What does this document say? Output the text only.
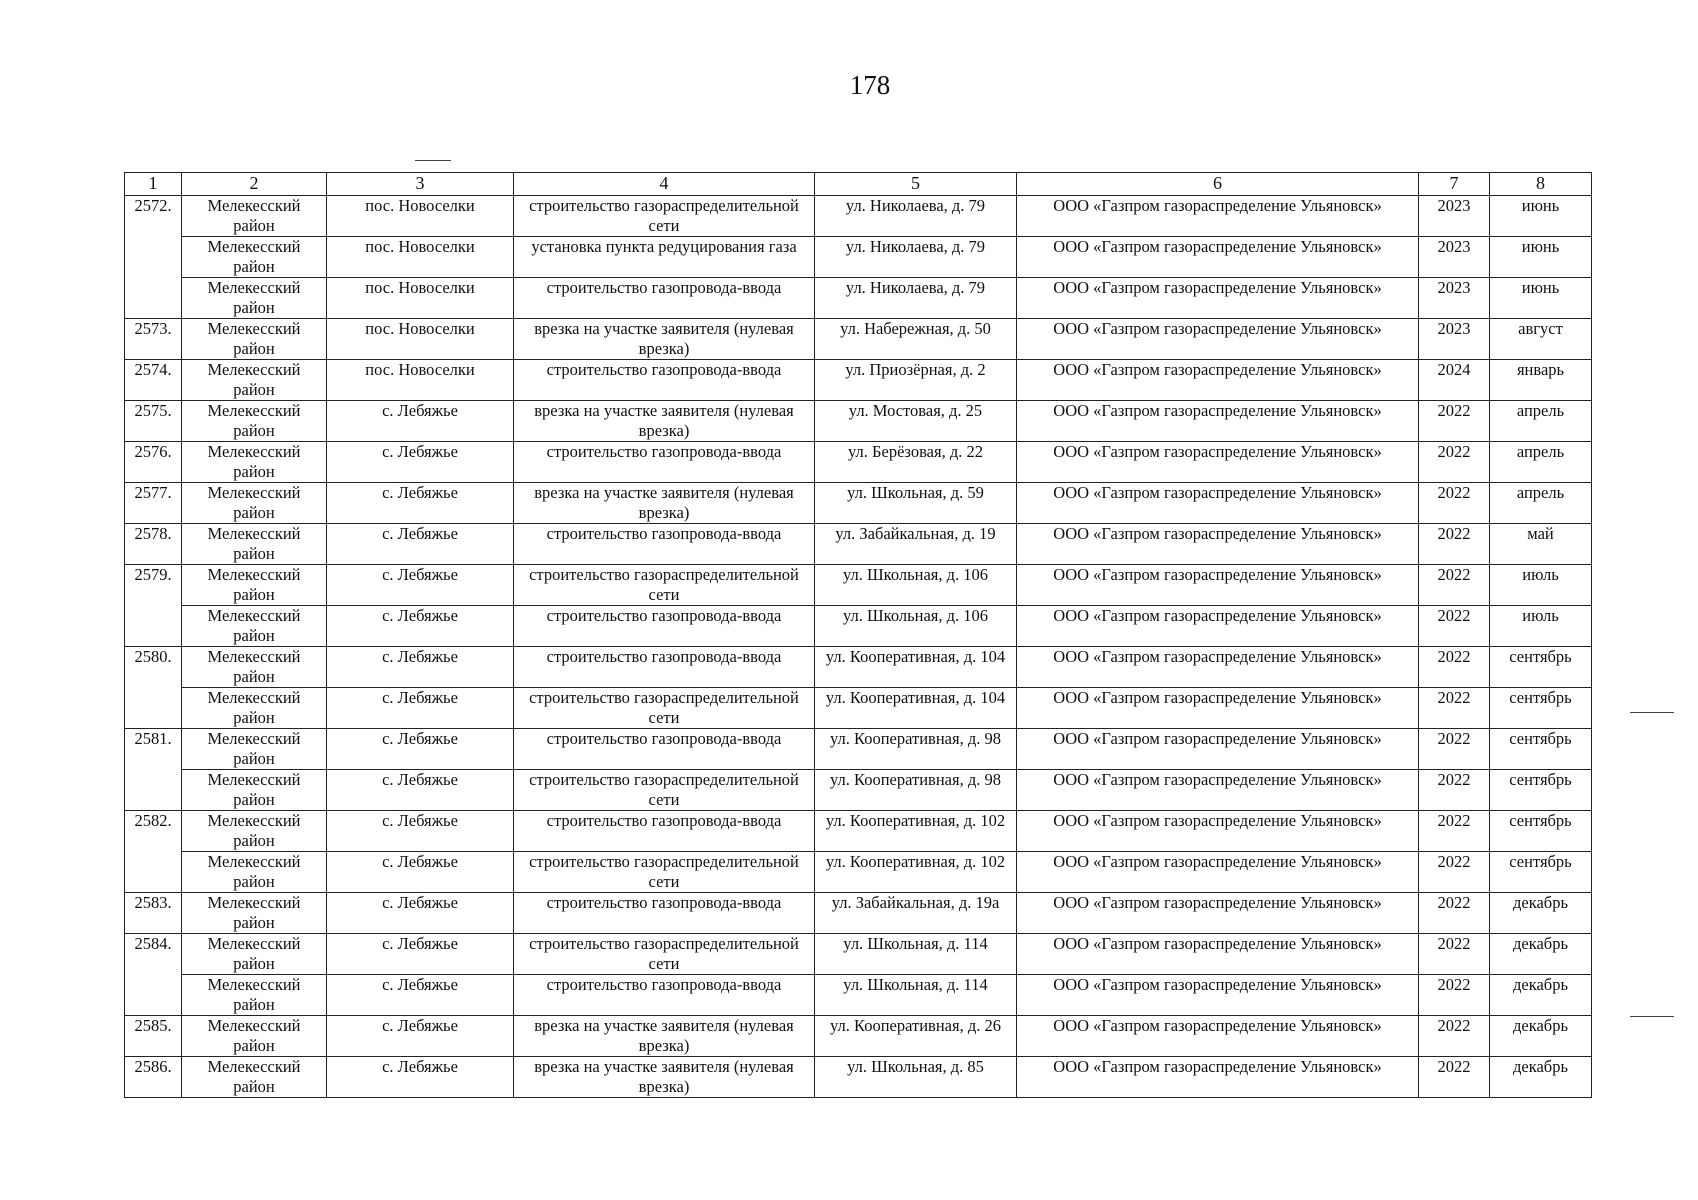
178
1	2	3	4	5	6	7	8
2572.	Мелекесский район	пос. Новоселки	строительство газораспределительной сети	ул. Николаева, д. 79	ООО «Газпром газораспределение Ульяновск»	2023	июнь
	Мелекесский район	пос. Новоселки	установка пункта редуцирования газа	ул. Николаева, д. 79	ООО «Газпром газораспределение Ульяновск»	2023	июнь
	Мелекесский район	пос. Новоселки	строительство газопровода-ввода	ул. Николаева, д. 79	ООО «Газпром газораспределение Ульяновск»	2023	июнь
2573.	Мелекесский район	пос. Новоселки	врезка на участке заявителя (нулевая врезка)	ул. Набережная, д. 50	ООО «Газпром газораспределение Ульяновск»	2023	август
2574.	Мелекесский район	пос. Новоселки	строительство газопровода-ввода	ул. Приозёрная, д. 2	ООО «Газпром газораспределение Ульяновск»	2024	январь
2575.	Мелекесский район	с. Лебяжье	врезка на участке заявителя (нулевая врезка)	ул. Мостовая, д. 25	ООО «Газпром газораспределение Ульяновск»	2022	апрель
2576.	Мелекесский район	с. Лебяжье	строительство газопровода-ввода	ул. Берёзовая, д. 22	ООО «Газпром газораспределение Ульяновск»	2022	апрель
2577.	Мелекесский район	с. Лебяжье	врезка на участке заявителя (нулевая врезка)	ул. Школьная, д. 59	ООО «Газпром газораспределение Ульяновск»	2022	апрель
2578.	Мелекесский район	с. Лебяжье	строительство газопровода-ввода	ул. Забайкальная, д. 19	ООО «Газпром газораспределение Ульяновск»	2022	май
2579.	Мелекесский район	с. Лебяжье	строительство газораспределительной сети	ул. Школьная, д. 106	ООО «Газпром газораспределение Ульяновск»	2022	июль
	Мелекесский район	с. Лебяжье	строительство газопровода-ввода	ул. Школьная, д. 106	ООО «Газпром газораспределение Ульяновск»	2022	июль
2580.	Мелекесский район	с. Лебяжье	строительство газопровода-ввода	ул. Кооперативная, д. 104	ООО «Газпром газораспределение Ульяновск»	2022	сентябрь
	Мелекесский район	с. Лебяжье	строительство газораспределительной сети	ул. Кооперативная, д. 104	ООО «Газпром газораспределение Ульяновск»	2022	сентябрь
2581.	Мелекесский район	с. Лебяжье	строительство газопровода-ввода	ул. Кооперативная, д. 98	ООО «Газпром газораспределение Ульяновск»	2022	сентябрь
	Мелекесский район	с. Лебяжье	строительство газораспределительной сети	ул. Кооперативная, д. 98	ООО «Газпром газораспределение Ульяновск»	2022	сентябрь
2582.	Мелекесский район	с. Лебяжье	строительство газопровода-ввода	ул. Кооперативная, д. 102	ООО «Газпром газораспределение Ульяновск»	2022	сентябрь
	Мелекесский район	с. Лебяжье	строительство газораспределительной сети	ул. Кооперативная, д. 102	ООО «Газпром газораспределение Ульяновск»	2022	сентябрь
2583.	Мелекесский район	с. Лебяжье	строительство газопровода-ввода	ул. Забайкальная, д. 19а	ООО «Газпром газораспределение Ульяновск»	2022	декабрь
2584.	Мелекесский район	с. Лебяжье	строительство газораспределительной сети	ул. Школьная, д. 114	ООО «Газпром газораспределение Ульяновск»	2022	декабрь
	Мелекесский район	с. Лебяжье	строительство газопровода-ввода	ул. Школьная, д. 114	ООО «Газпром газораспределение Ульяновск»	2022	декабрь
2585.	Мелекесский район	с. Лебяжье	врезка на участке заявителя (нулевая врезка)	ул. Кооперативная, д. 26	ООО «Газпром газораспределение Ульяновск»	2022	декабрь
2586.	Мелекесский район	с. Лебяжье	врезка на участке заявителя (нулевая врезка)	ул. Школьная, д. 85	ООО «Газпром газораспределение Ульяновск»	2022	декабрь
